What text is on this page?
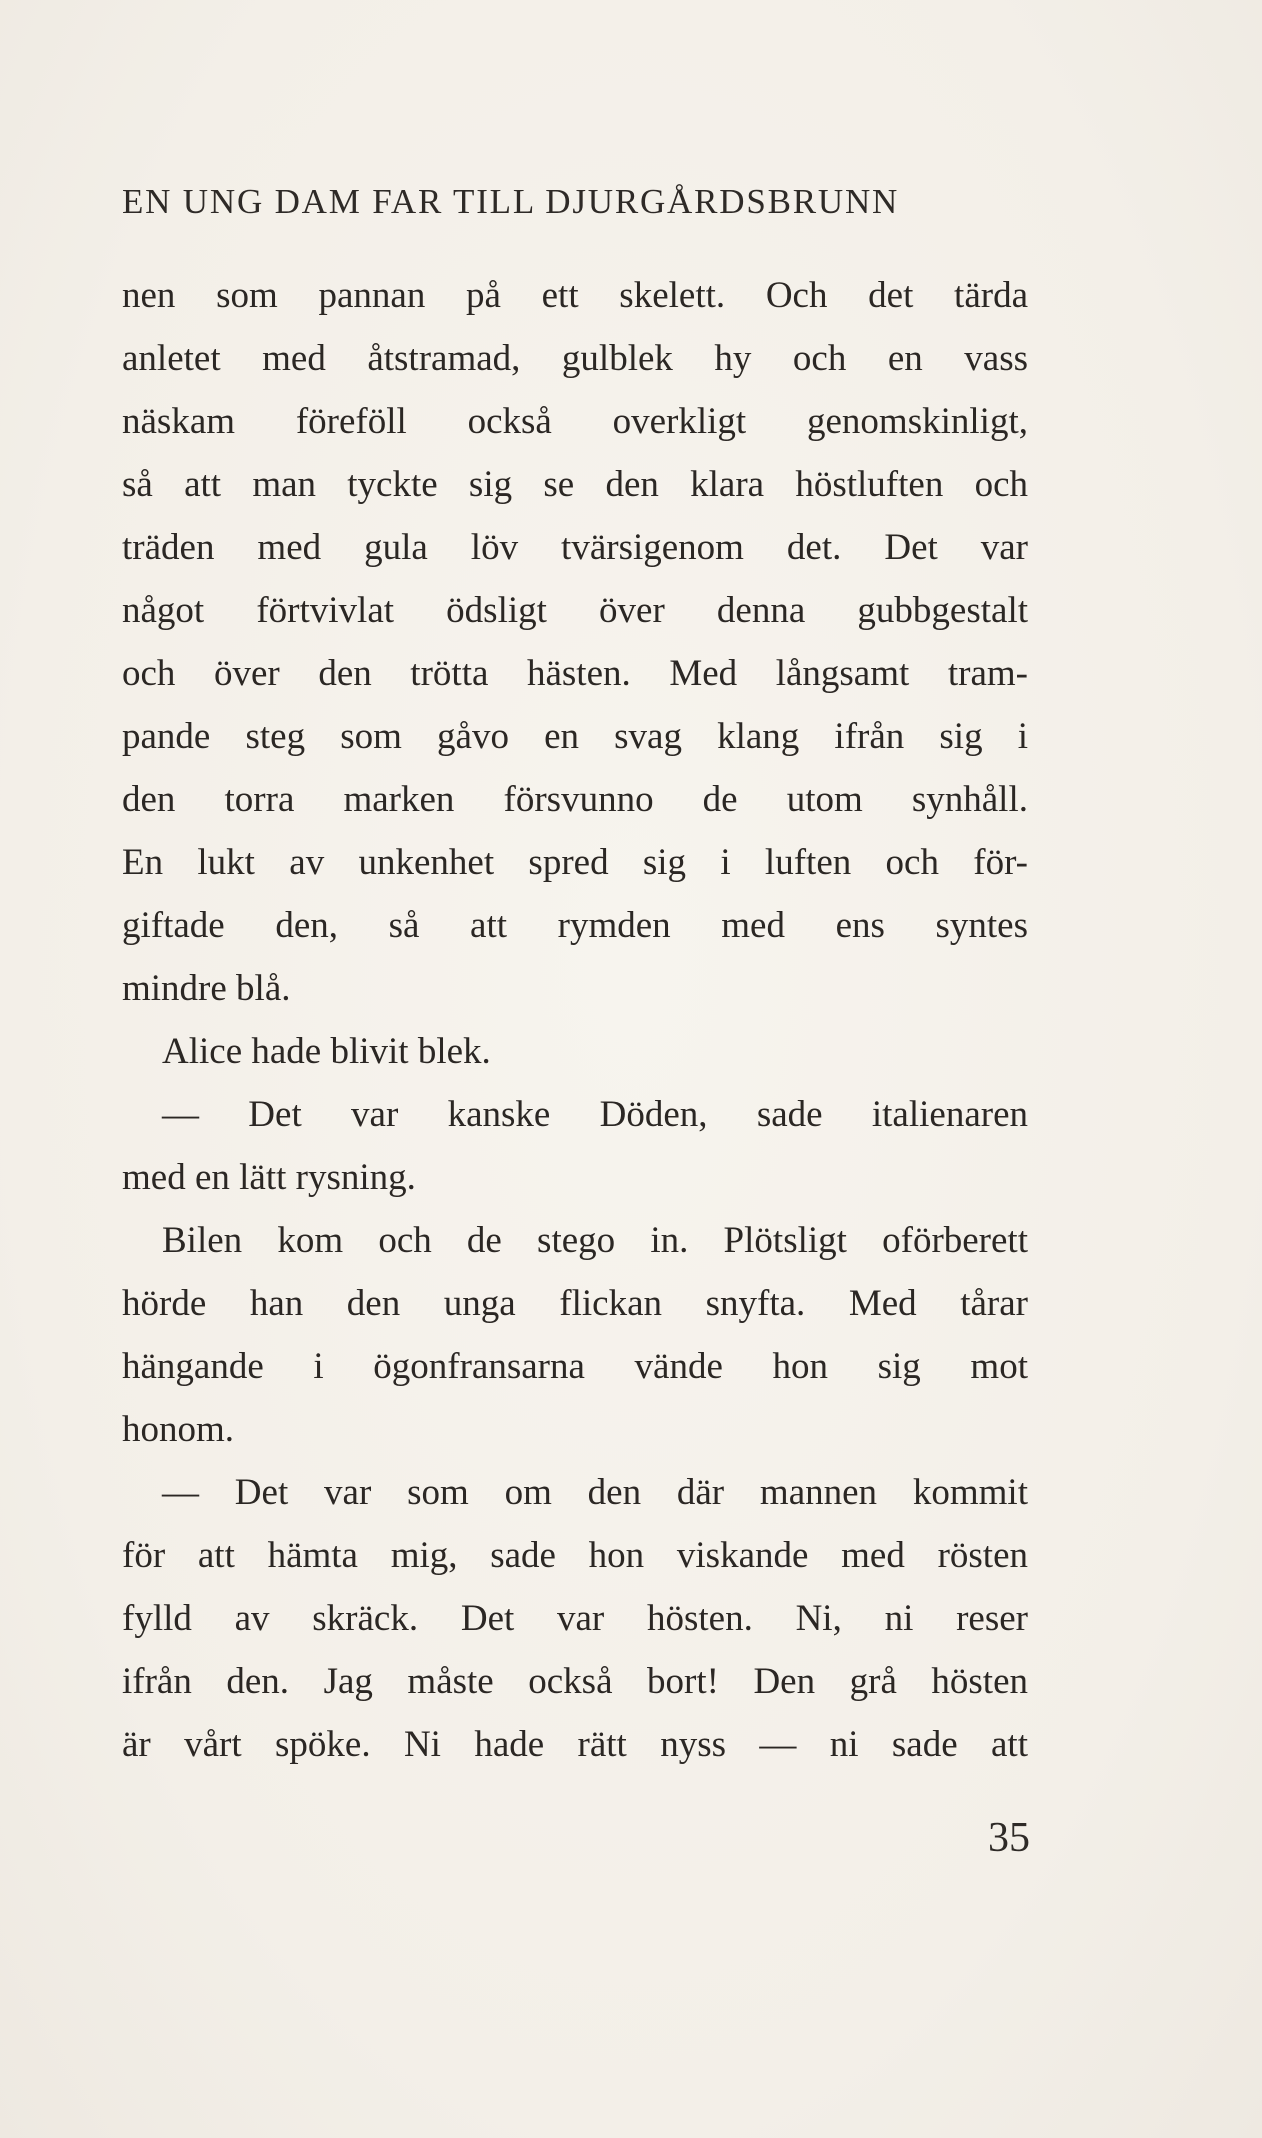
EN UNG DAM FAR TILL DJURGÅRDSBRUNN
nen som pannan på ett skelett. Och det tärda
anletet med åtstramad, gulblek hy och en vass
näskam föreföll också overkligt genomskinligt,
så att man tyckte sig se den klara höstluften och
träden med gula löv tvärsigenom det. Det var
något förtvivlat ödsligt över denna gubbgestalt
och över den trötta hästen. Med långsamt tram-
pande steg som gåvo en svag klang ifrån sig i
den torra marken försvunno de utom synhåll.
En lukt av unkenhet spred sig i luften och för-
giftade den, så att rymden med ens syntes
mindre blå.
Alice hade blivit blek.
— Det var kanske Döden, sade italienaren
med en lätt rysning.
Bilen kom och de stego in. Plötsligt oförberett
hörde han den unga flickan snyfta. Med tårar
hängande i ögonfransarna vände hon sig mot
honom.
— Det var som om den där mannen kommit
för att hämta mig, sade hon viskande med rösten
fylld av skräck. Det var hösten. Ni, ni reser
ifrån den. Jag måste också bort! Den grå hösten
är vårt spöke. Ni hade rätt nyss — ni sade att
35
